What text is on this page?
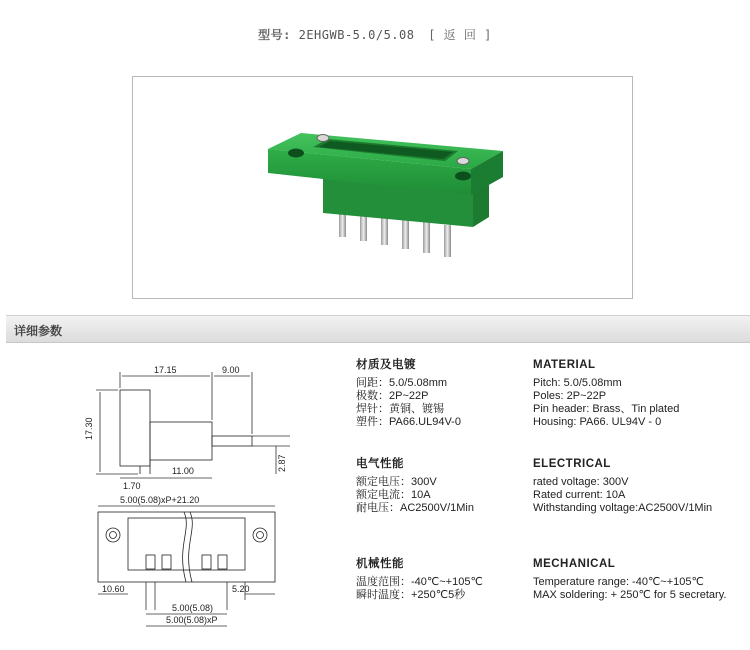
型号: 2EHGWB-5.0/5.08 [ 返 回 ]
详细参数
17.15	9.00
17.30
2.87
1.70
11.00
5.00(5.08)xP+21.20
10.60	5.20
5.00(5.08)
5.00(5.08)xP
材质及电镀
间距：5.0/5.08mm
极数：2P~22P
焊针：黄铜、镀锡
塑件：PA66.UL94V-0
电气性能
额定电压：300V
额定电流：10A
耐电压：AC2500V/1Min
机械性能
温度范围：-40℃~+105℃
瞬时温度：+250℃5秒
MATERIAL
Pitch: 5.0/5.08mm
Poles: 2P~22P
Pin header: Brass、Tin plated
Housing: PA66. UL94V - 0
ELECTRICAL
rated voltage: 300V
Rated current: 10A
Withstanding voltage:AC2500V/1Min
MECHANICAL
Temperature range: -40℃~+105℃
MAX soldering: + 250℃ for 5 secretary.
